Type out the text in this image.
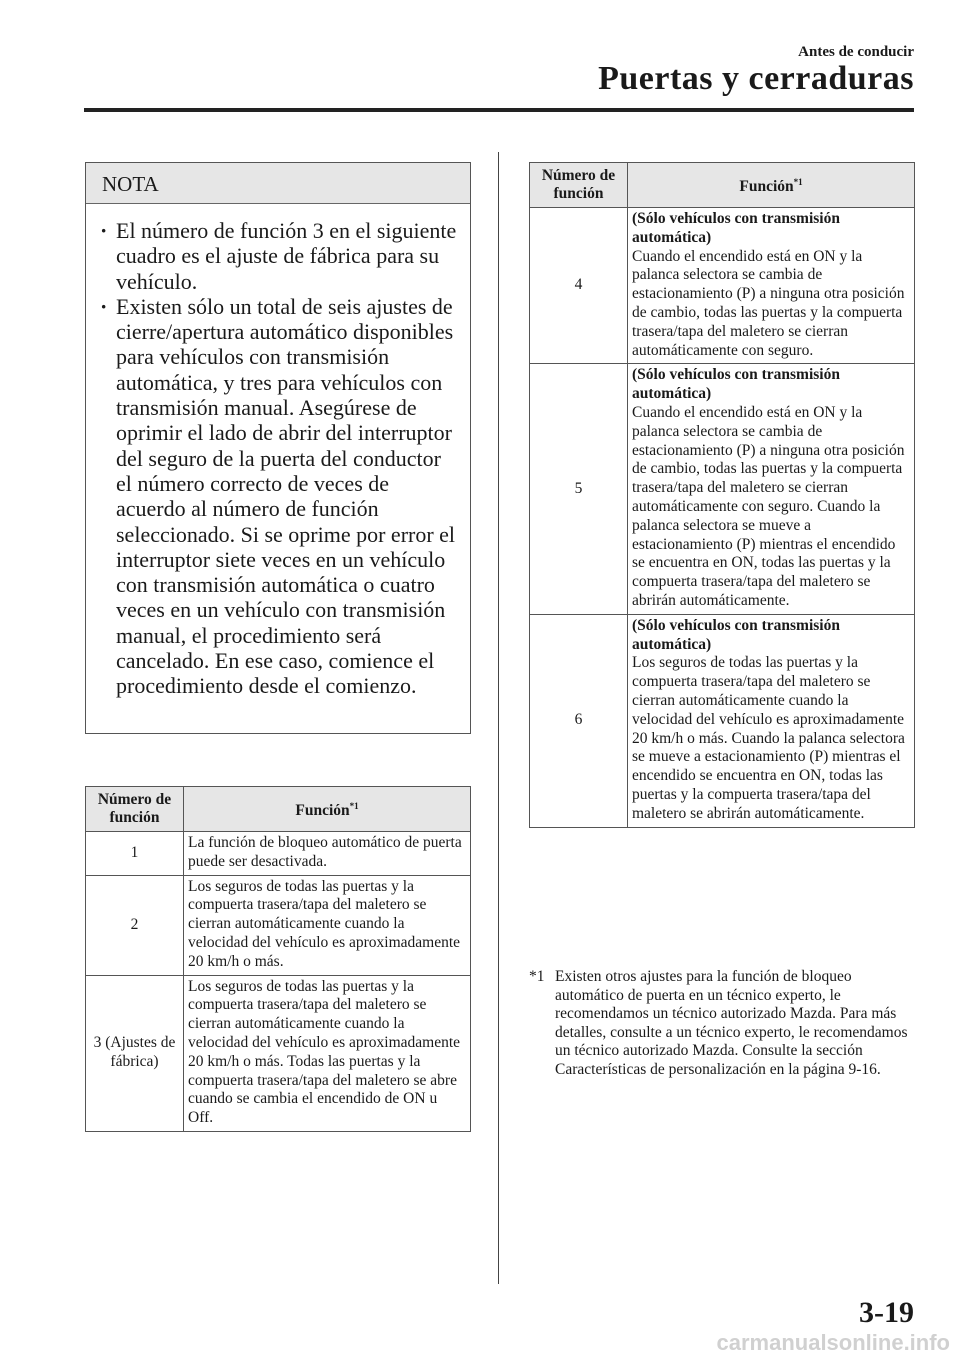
Antes de conducir
Puertas y cerraduras
NOTA
· El número de función 3 en el siguiente cuadro es el ajuste de fábrica para su vehículo.
· Existen sólo un total de seis ajustes de cierre/apertura automático disponibles para vehículos con transmisión automática, y tres para vehículos con transmisión manual. Asegúrese de oprimir el lado de abrir del interruptor del seguro de la puerta del conductor el número correcto de veces de acuerdo al número de función seleccionado. Si se oprime por error el interruptor siete veces en un vehículo con transmisión automática o cuatro veces en un vehículo con transmisión manual, el procedimiento será cancelado. En ese caso, comience el procedimiento desde el comienzo.
Número de función	Función$^{*1}$
1	La función de bloqueo automático de puerta puede ser desactivada.
2	Los seguros de todas las puertas y la compuerta trasera/tapa del maletero se cierran automáticamente cuando la velocidad del vehículo es aproximadamente 20 km/h o más.
3 (Ajustes de fábrica)	Los seguros de todas las puertas y la compuerta trasera/tapa del maletero se cierran automáticamente cuando la velocidad del vehículo es aproximadamente 20 km/h o más. Todas las puertas y la compuerta trasera/tapa del maletero se abre cuando se cambia el encendido de ON u Off.
Número de función	Función$^{*1}$
4	(Sólo vehículos con transmisión automática)
Cuando el encendido está en ON y la palanca selectora se cambia de estacionamiento (P) a ninguna otra posición de cambio, todas las puertas y la compuerta trasera/tapa del maletero se cierran automáticamente con seguro.

5	(Sólo vehículos con transmisión automática)
Cuando el encendido está en ON y la palanca selectora se cambia de estacionamiento (P) a ninguna otra posición de cambio, todas las puertas y la compuerta trasera/tapa del maletero se cierran automáticamente con seguro. Cuando la palanca selectora se mueve a estacionamiento (P) mientras el encendido se encuentra en ON, todas las puertas y la compuerta trasera/tapa del maletero se abrirán automáticamente.

6	(Sólo vehículos con transmisión automática)
Los seguros de todas las puertas y la compuerta trasera/tapa del maletero se cierran automáticamente cuando la velocidad del vehículo es aproximadamente 20 km/h o más. Cuando la palanca selectora se mueve a estacionamiento (P) mientras el encendido se encuentra en ON, todas las puertas y la compuerta trasera/tapa del maletero se abrirán automáticamente.
*1 Existen otros ajustes para la función de bloqueo automático de puerta en un técnico experto, le recomendamos un técnico autorizado Mazda. Para más detalles, consulte a un técnico experto, le recomendamos un técnico autorizado Mazda. Consulte la sección Características de personalización en la página 9-16.
3-19
carmanualsonline.info
